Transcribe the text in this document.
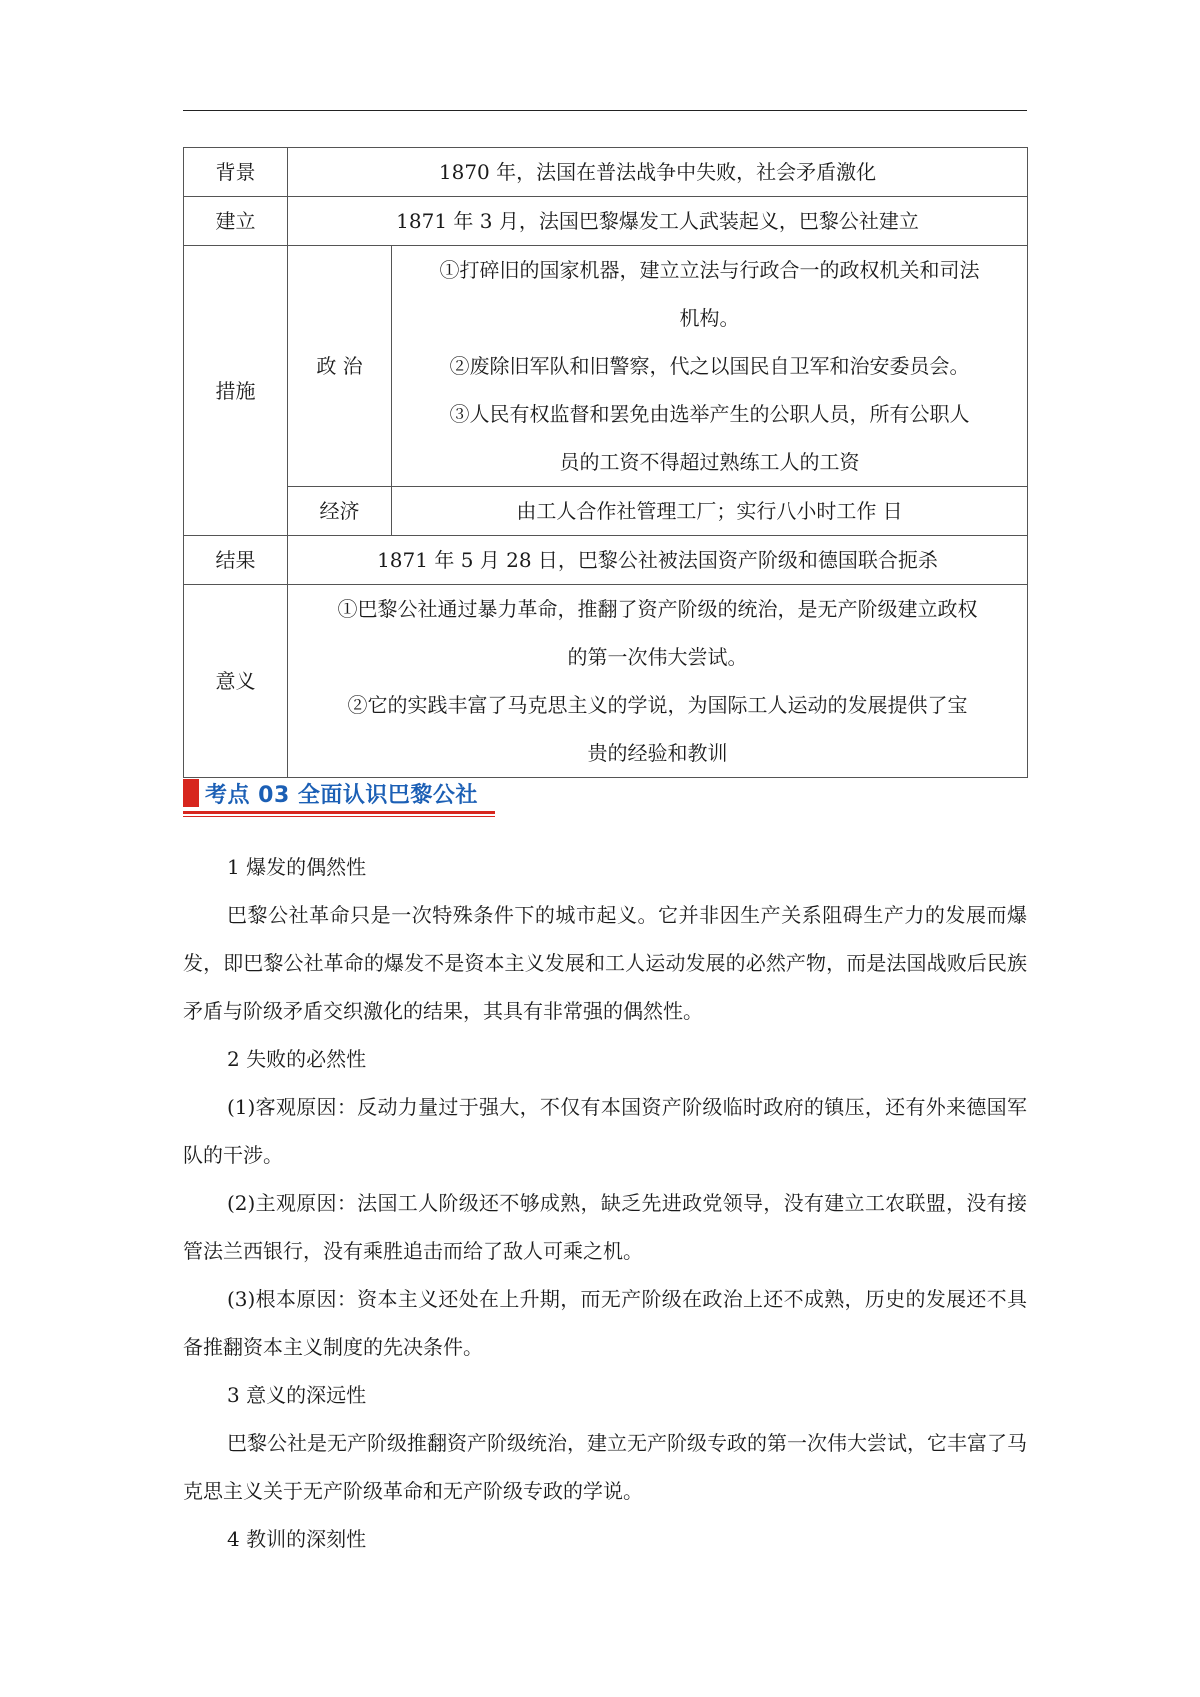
背景	1870 年，法国在普法战争中失败，社会矛盾激化	
建立	1871 年 3 月，法国巴黎爆发工人武装起义，巴黎公社建立	
措施	政 治	①打碎旧的国家机器，建立立法与行政合一的政权机关和司法
机构。
②废除旧军队和旧警察，代之以国民自卫军和治安委员会。
③人民有权监督和罢免由选举产生的公职人员，所有公职人
员的工资不得超过熟练工人的工资

	经济	由工人合作社管理工厂；实行八小时工作 日
结果	1871 年 5 月 28 日，巴黎公社被法国资产阶级和德国联合扼杀	
意义	①巴黎公社通过暴力革命，推翻了资产阶级的统治，是无产阶级建立政权
的第一次伟大尝试。
②它的实践丰富了马克思主义的学说，为国际工人运动的发展提供了宝
贵的经验和教训	
考点 03 全面认识巴黎公社

1 爆发的偶然性

巴黎公社革命只是一次特殊条件下的城市起义。它并非因生产关系阻碍生产力的发展而爆发，即巴黎公社革命的爆发不是资本主义发展和工人运动发展的必然产物，而是法国战败后民族矛盾与阶级矛盾交织激化的结果，其具有非常强的偶然性。

2 失败的必然性

(1)客观原因：反动力量过于强大，不仅有本国资产阶级临时政府的镇压，还有外来德国军队的干涉。

(2)主观原因：法国工人阶级还不够成熟，缺乏先进政党领导，没有建立工农联盟，没有接管法兰西银行，没有乘胜追击而给了敌人可乘之机。

(3)根本原因：资本主义还处在上升期，而无产阶级在政治上还不成熟，历史的发展还不具备推翻资本主义制度的先决条件。

3 意义的深远性

巴黎公社是无产阶级推翻资产阶级统治，建立无产阶级专政的第一次伟大尝试，它丰富了马克思主义关于无产阶级革命和无产阶级专政的学说。

4 教训的深刻性
